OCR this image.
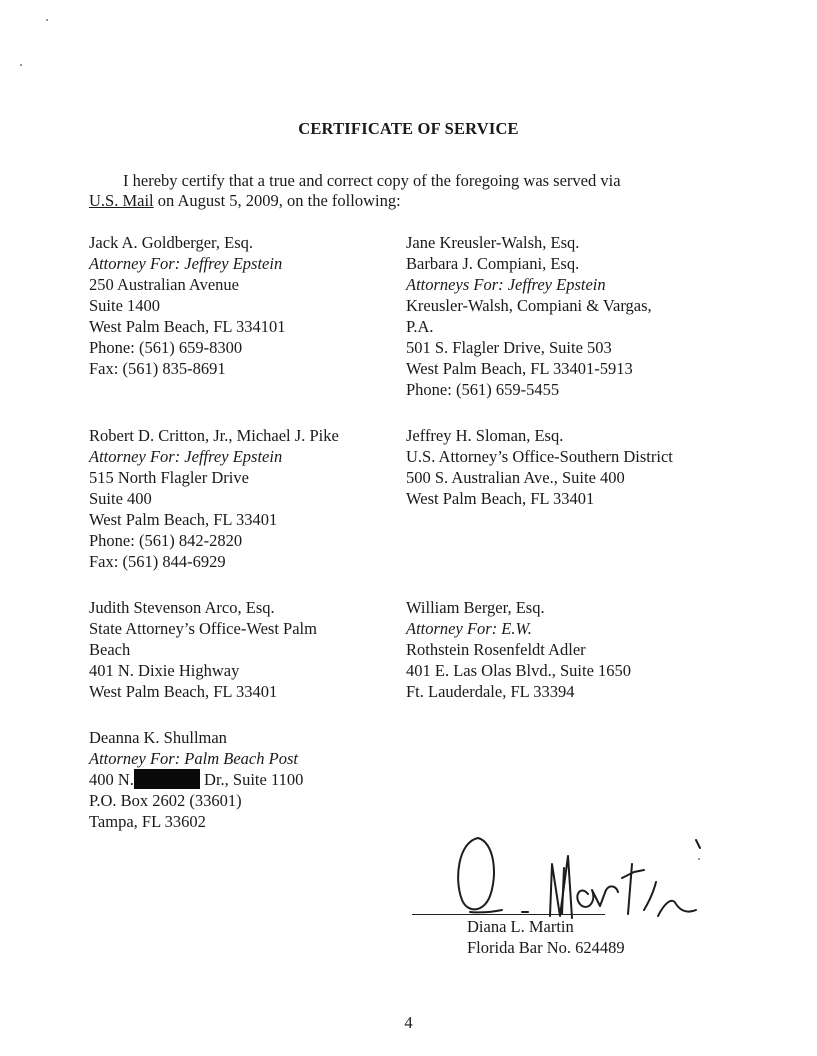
CERTIFICATE OF SERVICE
I hereby certify that a true and correct copy of the foregoing was served via
U.S. Mail on August 5, 2009, on the following:
Jack A. Goldberger, Esq.
Attorney For: Jeffrey Epstein
250 Australian Avenue
Suite 1400
West Palm Beach, FL 334101
Phone: (561) 659-8300
Fax: (561) 835-8691
Robert D. Critton, Jr., Michael J. Pike
Attorney For: Jeffrey Epstein
515 North Flagler Drive
Suite 400
West Palm Beach, FL 33401
Phone: (561) 842-2820
Fax: (561) 844-6929
Judith Stevenson Arco, Esq.
State Attorney’s Office-West Palm
Beach
401 N. Dixie Highway
West Palm Beach, FL 33401
Deanna K. Shullman
Attorney For: Palm Beach Post
400 N.	Dr., Suite 1100
P.O. Box 2602 (33601)
Tampa, FL 33602
Jane Kreusler-Walsh, Esq.
Barbara J. Compiani, Esq.
Attorneys For: Jeffrey Epstein
Kreusler-Walsh, Compiani & Vargas,
P.A.
501 S. Flagler Drive, Suite 503
West Palm Beach, FL 33401-5913
Phone: (561) 659-5455
Jeffrey H. Sloman, Esq.
U.S. Attorney’s Office-Southern District
500 S. Australian Ave., Suite 400
West Palm Beach, FL 33401
William Berger, Esq.
Attorney For: E.W.
Rothstein Rosenfeldt Adler
401 E. Las Olas Blvd., Suite 1650
Ft. Lauderdale, FL 33394
Diana L. Martin
Florida Bar No. 624489
4
